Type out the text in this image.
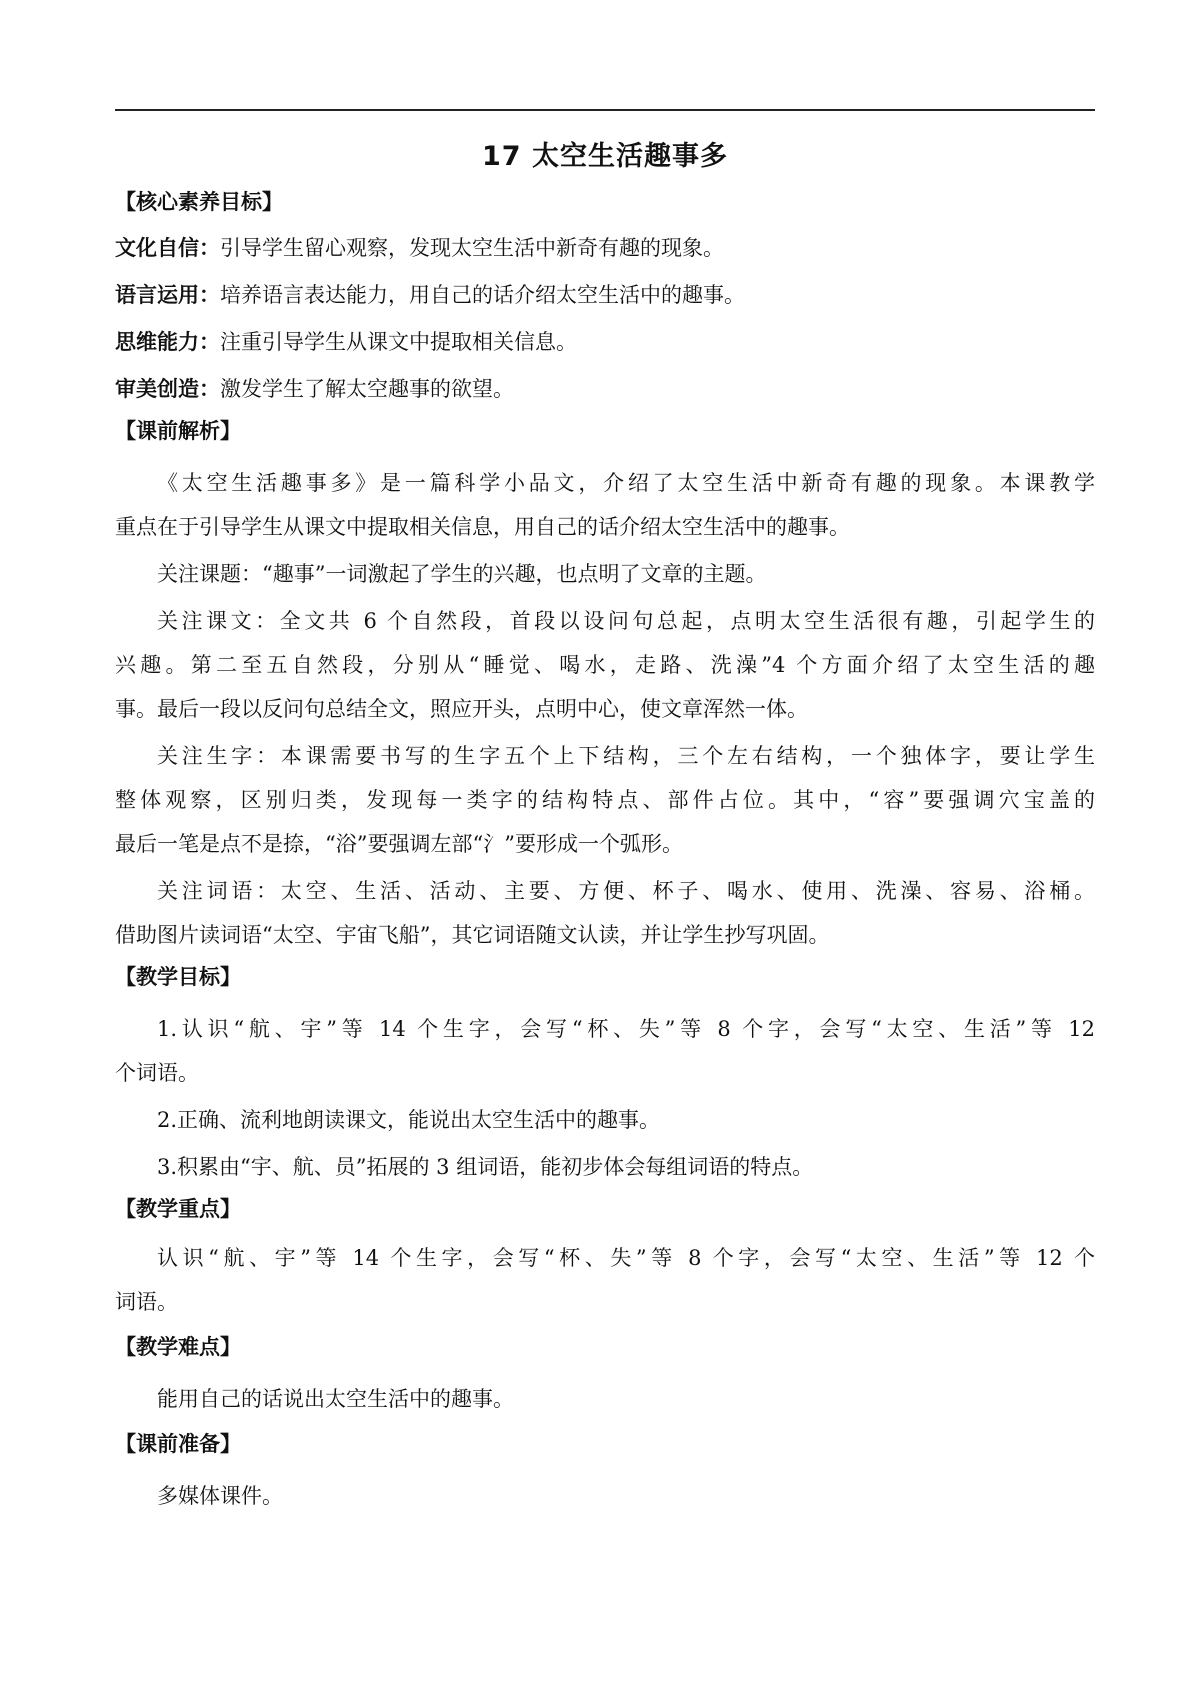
17 太空生活趣事多
【核心素养目标】
文化自信：引导学生留心观察，发现太空生活中新奇有趣的现象。
语言运用：培养语言表达能力，用自己的话介绍太空生活中的趣事。
思维能力：注重引导学生从课文中提取相关信息。
审美创造：激发学生了解太空趣事的欲望。
【课前解析】
《太空生活趣事多》是一篇科学小品文，介绍了太空生活中新奇有趣的现象。本课教学
重点在于引导学生从课文中提取相关信息，用自己的话介绍太空生活中的趣事。
关注课题：“趣事”一词激起了学生的兴趣，也点明了文章的主题。
关注课文：全文共 6 个自然段，首段以设问句总起，点明太空生活很有趣，引起学生的
兴趣。第二至五自然段，分别从“睡觉、喝水，走路、洗澡”4 个方面介绍了太空生活的趣
事。最后一段以反问句总结全文，照应开头，点明中心，使文章浑然一体。
关注生字：本课需要书写的生字五个上下结构，三个左右结构，一个独体字，要让学生
整体观察，区别归类，发现每一类字的结构特点、部件占位。其中，“容”要强调穴宝盖的
最后一笔是点不是捺，“浴”要强调左部“氵”要形成一个弧形。
关注词语：太空、生活、活动、主要、方便、杯子、喝水、使用、洗澡、容易、浴桶。
借助图片读词语“太空、宇宙飞船”，其它词语随文认读，并让学生抄写巩固。
【教学目标】
1.认识“航、宇”等 14 个生字，会写“杯、失”等 8 个字，会写“太空、生活”等 12
个词语。
2.正确、流利地朗读课文，能说出太空生活中的趣事。
3.积累由“宇、航、员”拓展的 3 组词语，能初步体会每组词语的特点。
【教学重点】
认识“航、宇”等 14 个生字，会写“杯、失”等 8 个字，会写“太空、生活”等 12 个
词语。
【教学难点】
能用自己的话说出太空生活中的趣事。
【课前准备】
多媒体课件。
